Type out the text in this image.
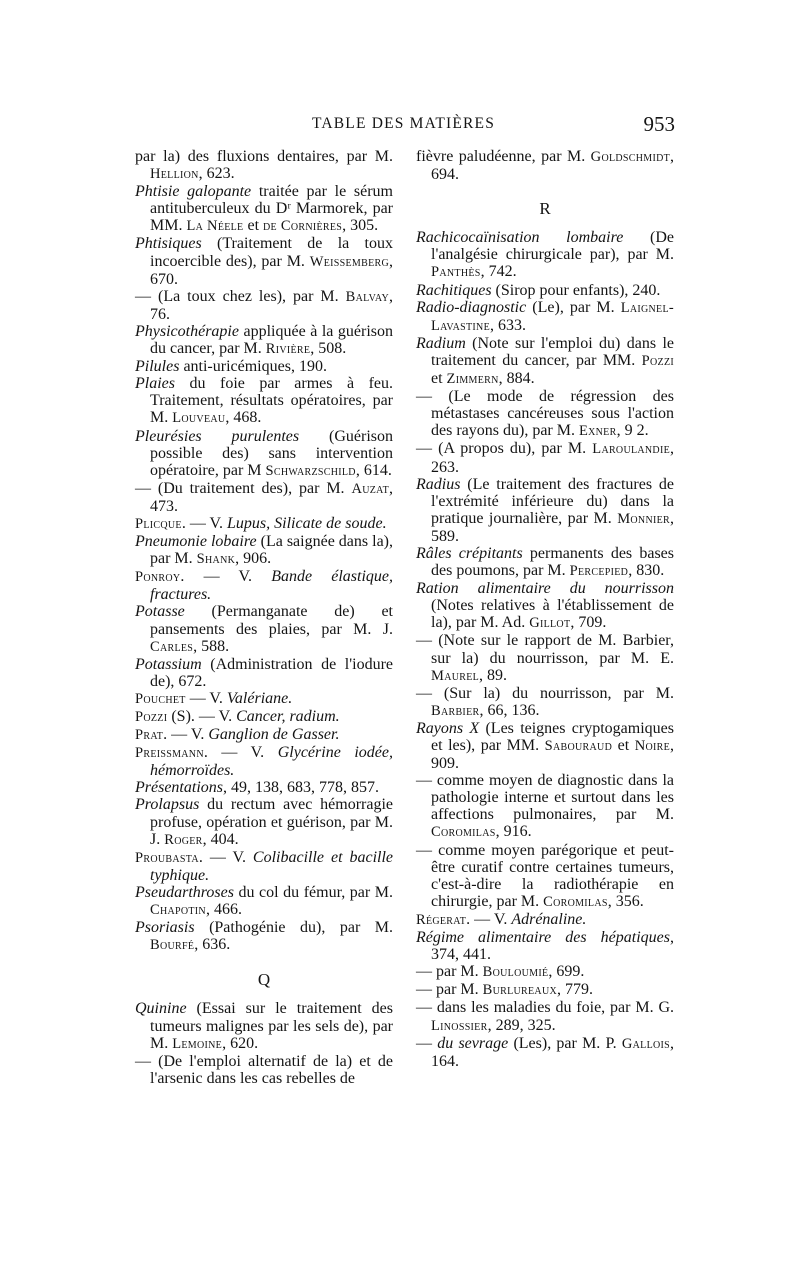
TABLE DES MATIÈRES	953

par la) des fluxions dentaires, par M. Hellion, 623.

Phtisie galopante traitée par le sérum antituberculeux du Dʳ Marmorek, par MM. La Néele et de Cornières, 305.

Phtisiques (Traitement de la toux incoercible des), par M. Weissemberg, 670.

— (La toux chez les), par M. Balvay, 76.

Physicothérapie appliquée à la guérison du cancer, par M. Rivière, 508.

Pilules anti-uricémiques, 190.

Plaies du foie par armes à feu. Traitement, résultats opératoires, par M. Louveau, 468.

Pleurésies purulentes (Guérison possible des) sans intervention opératoire, par M Schwarzschild, 614.

— (Du traitement des), par M. Auzat, 473.

Plicque. — V. Lupus, Silicate de soude.

Pneumonie lobaire (La saignée dans la), par M. Shank, 906.

Ponroy. — V. Bande élastique, fractures.

Potasse (Permanganate de) et pansements des plaies, par M. J. Carles, 588.

Potassium (Administration de l'iodure de), 672.

Pouchet — V. Valériane.

Pozzi (S). — V. Cancer, radium.

Prat. — V. Ganglion de Gasser.

Preissmann. — V. Glycérine iodée, hémorroïdes.

Présentations, 49, 138, 683, 778, 857.

Prolapsus du rectum avec hémorragie profuse, opération et guérison, par M. J. Roger, 404.

Proubasta. — V. Colibacille et bacille typhique.

Pseudarthroses du col du fémur, par M. Chapotin, 466.

Psoriasis (Pathogénie du), par M. Bourfé, 636.

Q

Quinine (Essai sur le traitement des tumeurs malignes par les sels de), par M. Lemoine, 620.

— (De l'emploi alternatif de la) et de l'arsenic dans les cas rebelles de

fièvre paludéenne, par M. Goldschmidt, 694.

R

Rachicocaïnisation lombaire (De l'analgésie chirurgicale par), par M. Panthès, 742.

Rachitiques (Sirop pour enfants), 240.

Radio-diagnostic (Le), par M. Laignel-Lavastine, 633.

Radium (Note sur l'emploi du) dans le traitement du cancer, par MM. Pozzi et Zimmern, 884.

— (Le mode de régression des métastases cancéreuses sous l'action des rayons du), par M. Exner, 9 2.

— (A propos du), par M. Laroulandie, 263.

Radius (Le traitement des fractures de l'extrémité inférieure du) dans la pratique journalière, par M. Monnier, 589.

Râles crépitants permanents des bases des poumons, par M. Percepied, 830.

Ration alimentaire du nourrisson (Notes relatives à l'établissement de la), par M. Ad. Gillot, 709.

— (Note sur le rapport de M. Barbier, sur la) du nourrisson, par M. E. Maurel, 89.

— (Sur la) du nourrisson, par M. Barbier, 66, 136.

Rayons X (Les teignes cryptogamiques et les), par MM. Sabouraud et Noire, 909.

— comme moyen de diagnostic dans la pathologie interne et surtout dans les affections pulmonaires, par M. Coromilas, 916.

— comme moyen parégorique et peut-être curatif contre certaines tumeurs, c'est-à-dire la radiothérapie en chirurgie, par M. Coromilas, 356.

Régerat. — V. Adrénaline.

Régime alimentaire des hépatiques, 374, 441.

— par M. Bouloumié, 699.

— par M. Burlureaux, 779.

— dans les maladies du foie, par M. G. Linossier, 289, 325.

— du sevrage (Les), par M. P. Gallois, 164.
